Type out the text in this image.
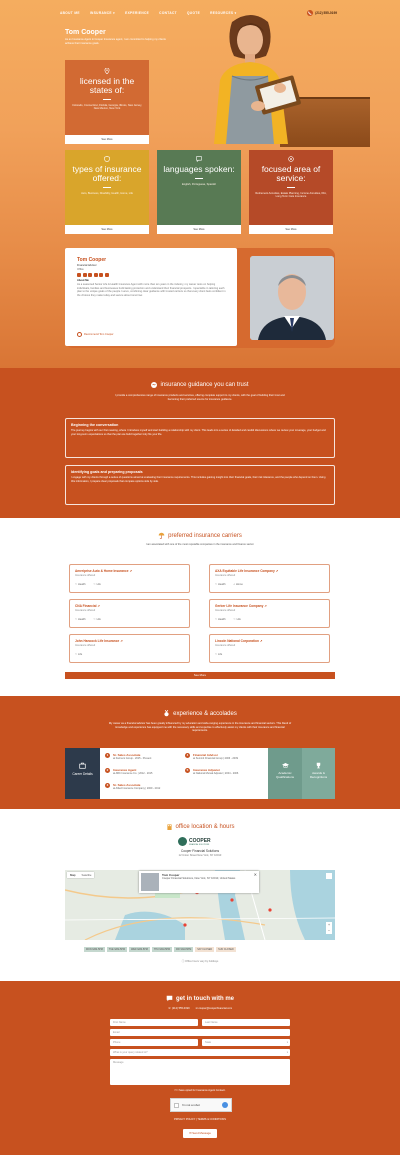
ABOUT ME	INSURANCE ▾	EXPERIENCE	CONTACT	QUOTE	RESOURCES ▾	(212) 555-0199
Tom Cooper
As an Insurance Agent in Cooper Insurance agent, I am committed to helping my clients achieve their insurance goals.
licensed in the states of:
Colorado, Connecticut, Florida, Georgia, Illinois, New Jersey, New Mexico, New York
See More
types of insurance offered:
Auto, Business, Disability, Health, Home, Life
See More
languages spoken:
English, Portuguese, Spanish
See More
focused area of service:
Retirement Annuities, Estate Planning, Income Annuities, IRA, Long Term Care Insurance
See More
Tom Cooper
Financial Advisor
Office
About Me
As a seasoned Senior Life & Health Insurance Agent with more than ten years in the industry, my career rests on helping individuals, families and businesses build lasting protection and understand their financial prospects. I specialize in tailoring each plan to the unique goals of the people I serve, combining clear guidance with trusted carriers so that every client feels confident in the choices they make today and secure about tomorrow.
Recommend Tom Cooper
insurance guidance you can trust
I provide a comprehensive range of insurance products and services, offering complete support to my clients, with the goal of building their trust and becoming their preferred source for insurance guidance.
Beginning the conversation
The journey begins with our first meeting, where I introduce myself and start building a relationship with my client. This leads into a series of detailed and candid discussions where we review your coverage, your budget and your long-term expectations so that the plan we build together truly fits your life.
Identifying goals and preparing proposals
I engage with my clients through a series of questions aimed at evaluating their insurance requirements. This includes gaining insight into their financial goals, their risk tolerance, and the people who depend on them. Using this information, I prepare clear proposals that compare options side by side.
preferred insurance carriers
I am associated with one of the most reputable companies in the insurance and finance sector.
Ameriprise Auto & Home Insurance ↗
Insurance offered
♡ Health	♡ Life
AXA Equitable Life Insurance Company ↗
Insurance offered
♡ Health	⌂ Home
CNA Financial ↗
Insurance offered
♡ Health	♡ Life
Gerber Life Insurance Company ↗
Insurance offered
♡ Health	♡ Life
John Hancock Life Insurance ↗
Insurance offered
♡ Life
Lincoln National Corporation ↗
Insurance offered
♡ Life
See More
experience & accolades
My career as a financial advisor has been greatly influenced by my education and wide-ranging experience in the insurance and financial sectors. This blend of knowledge and experience has equipped me with the necessary skills and expertise to effectively assist my clients with their insurance and financial requirements.
Career Details
1	Sr. Sales Associate
at Farmers Group - 2015 - Present
2	Insurance Agent
at ABC Insurance Co. | 2012 - 2015
3	Sr. Sales Associate
at Allied Insurance Company | 2009 - 2012
4	Financial Advisor
at Summit Financial Group | 2006 - 2009
5	Insurance Adjuster
at National Mutual Adjuster | 2004 - 2006	Academic Qualifications
Awards & Recognitions
office location & hours
COOPER
FINANCIAL SOLUTIONS
Cooper Financial Solutions
12 Union Street New York, NY 10013
Map	Satellite	Tom Cooper
Cooper Financial Solutions, New York, NY 10013, United States
✕
+
−
MON 9AM-5PM	TUE 9AM-5PM	WED 9AM-5PM	THU 9AM-5PM	FRI 9AM-5PM	SAT CLOSED	SUN CLOSED
ⓘ Office hours vary by holidays
get in touch with me
☏ (212) 555-0199 ✉ cooper@cooperfinancial.com
First Name	Last Name
Email
Phone	State	▾
What is your query related to?	▾
Message
☐ I have opted for Insurance Agent Contact.
I'm not a robot
PRIVACY POLICY | TERMS & CONDITIONS
✉ Send Message
